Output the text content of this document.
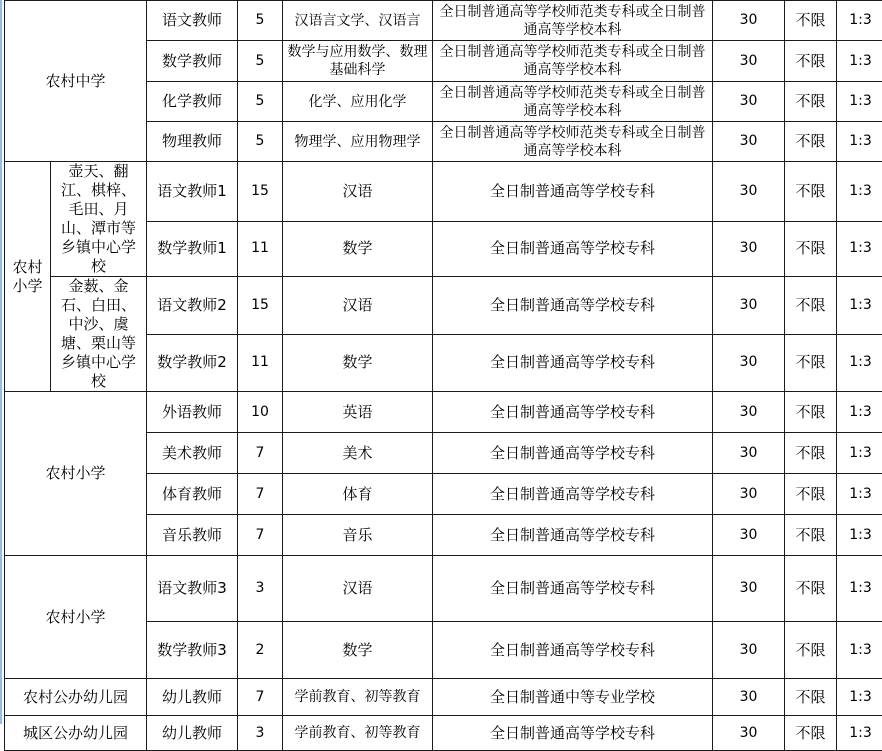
农村中学		语文教师	5	汉语言文学、汉语言	全日制普通高等学校师范类专科或全日制普通高等学校本科	30	不限	1:3
		数学教师	5	数学与应用数学、数理基础科学	全日制普通高等学校师范类专科或全日制普通高等学校本科	30	不限	1:3
		化学教师	5	化学、应用化学	全日制普通高等学校师范类专科或全日制普通高等学校本科	30	不限	1:3
		物理教师	5	物理学、应用物理学	全日制普通高等学校师范类专科或全日制普通高等学校本科	30	不限	1:3
农村小学	壶天、翻江、棋梓、毛田、月山、潭市等乡镇中心学校	语文教师1	15	汉语	全日制普通高等学校专科	30	不限	1:3
		数学教师1	11	数学	全日制普通高等学校专科	30	不限	1:3
	金薮、金石、白田、中沙、虞塘、栗山等乡镇中心学校	语文教师2	15	汉语	全日制普通高等学校专科	30	不限	1:3
		数学教师2	11	数学	全日制普通高等学校专科	30	不限	1:3
农村小学		外语教师	10	英语	全日制普通高等学校专科	30	不限	1:3
		美术教师	7	美术	全日制普通高等学校专科	30	不限	1:3
		体育教师	7	体育	全日制普通高等学校专科	30	不限	1:3
		音乐教师	7	音乐	全日制普通高等学校专科	30	不限	1:3
农村小学		语文教师3	3	汉语	全日制普通高等学校专科	30	不限	1:3
		数学教师3	2	数学	全日制普通高等学校专科	30	不限	1:3
农村公办幼儿园		幼儿教师	7	学前教育、初等教育	全日制普通中等专业学校	30	不限	1:3
城区公办幼儿园		幼儿教师	3	学前教育、初等教育	全日制普通高等学校专科	30	不限	1:3
